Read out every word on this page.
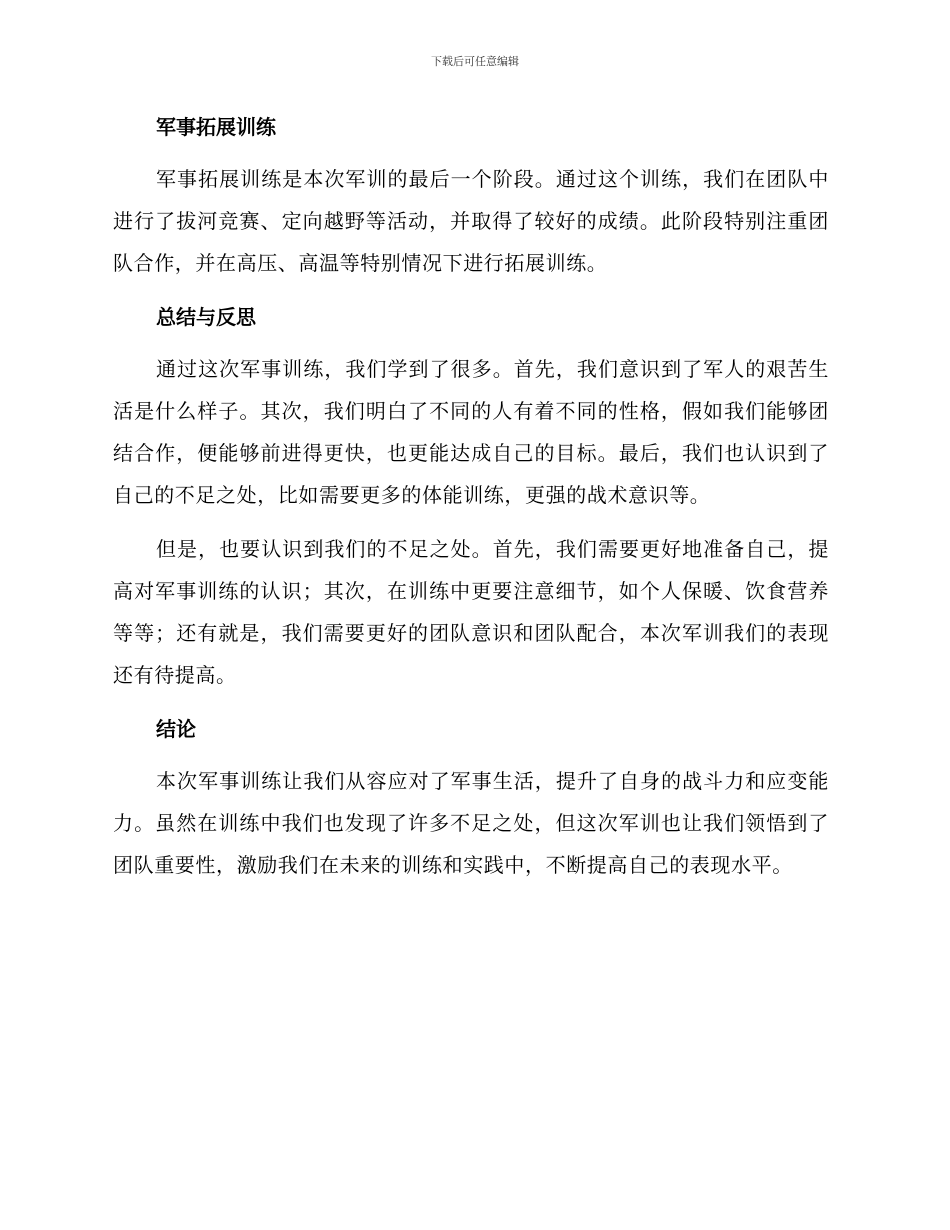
下载后可任意编辑
军事拓展训练

军事拓展训练是本次军训的最后一个阶段。通过这个训练，我们在团队中进行了拔河竞赛、定向越野等活动，并取得了较好的成绩。此阶段特别注重团队合作，并在高压、高温等特别情况下进行拓展训练。

总结与反思

通过这次军事训练，我们学到了很多。首先，我们意识到了军人的艰苦生活是什么样子。其次，我们明白了不同的人有着不同的性格，假如我们能够团结合作，便能够前进得更快，也更能达成自己的目标。最后，我们也认识到了自己的不足之处，比如需要更多的体能训练，更强的战术意识等。

但是，也要认识到我们的不足之处。首先，我们需要更好地准备自己，提高对军事训练的认识；其次，在训练中更要注意细节，如个人保暖、饮食营养等等；还有就是，我们需要更好的团队意识和团队配合，本次军训我们的表现还有待提高。

结论

本次军事训练让我们从容应对了军事生活，提升了自身的战斗力和应变能力。虽然在训练中我们也发现了许多不足之处，但这次军训也让我们领悟到了团队重要性，激励我们在未来的训练和实践中，不断提高自己的表现水平。
